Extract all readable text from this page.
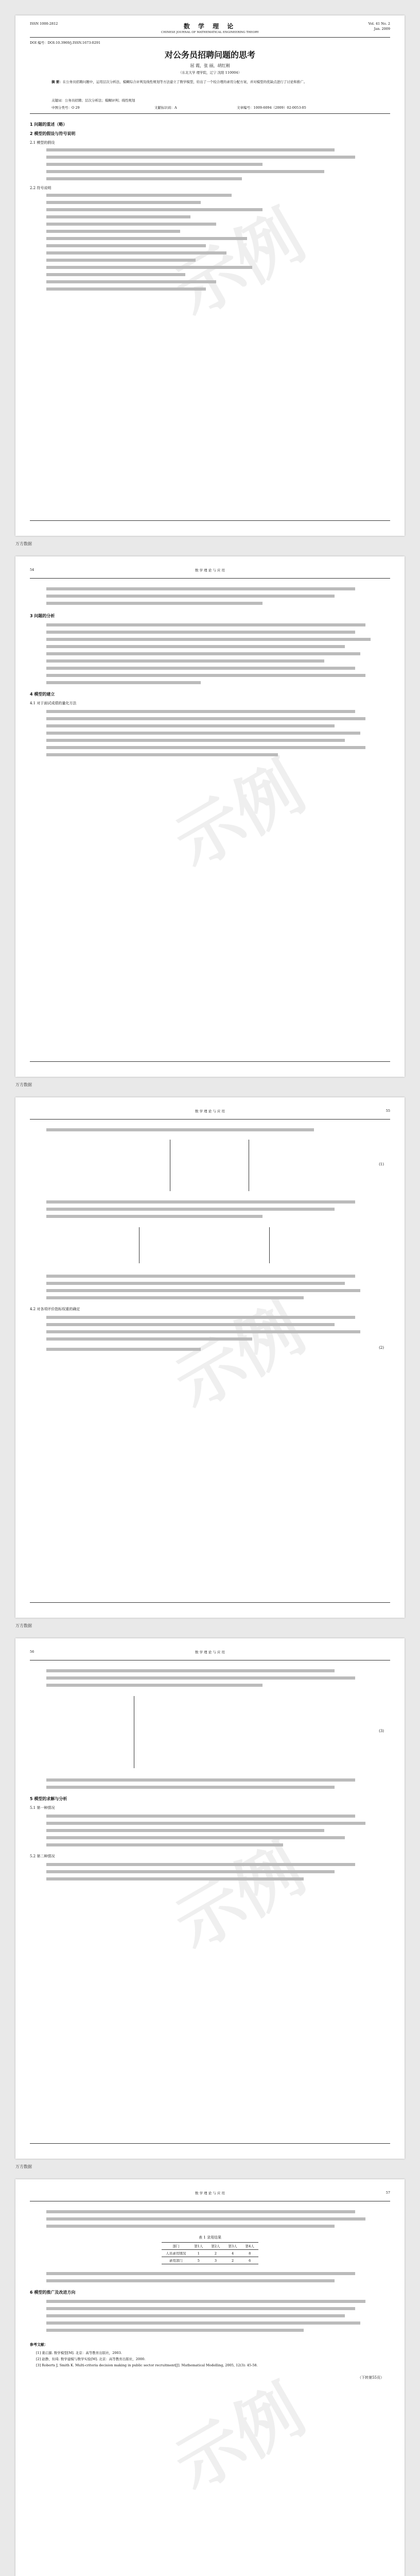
示例
ISSN 1000-2812	数 学 理 论	Vol. 41 No. 2
Jan. 2009
CHINESE JOURNAL OF MATHEMATICAL ENGINEERING THEORY
DOI 编号：DOI:10.3969/j.ISSN.1673-0291
对公务员招聘问题的思考
屈 霞，张 丽，胡红刚
（东北大学 理学院，辽宁 沈阳 110004）
摘 要：在公务员招聘问题中，运用层次分析法、模糊综合评判及线性规划等方法建立了数学模型，给出了一个较合理的录用分配方案，并对模型的优缺点进行了讨论和推广。
关键词：公务员招聘；层次分析法；模糊评判；线性规划
中图分类号：O 29	文献标识码：A	文章编号：1009-6094（2009）02-0053-05
1 问题的重述（略）
2 模型的假设与符号说明
2.1 模型的假设
2.2 符号说明
万方数据
示例
54	数 学 理 论 与 应 用
3 问题的分析
4 模型的建立
4.1 对于面试成绩的量化方法
万方数据
示例
55
数 学 理 论 与 应 用
(1)
4.2 对各项评价指标权重的确定
(2)
万方数据
示例
56	数 学 理 论 与 应 用
(3)
5 模型的求解与分析
5.1 第一种情况
5.2 第二种情况
万方数据
示例
57
数 学 理 论 与 应 用
表 1 录用结果
部门	第1人	第2人	第3人	第4人
人员录用情况	1	2	4	8
录用部门	5	3	2	6
6 模型的推广及改进方向
参考文献：
[1] 姜启源. 数学模型[M]. 北京：高等教育出版社，2003.
[2] 赵静，但琦. 数学建模与数学实验[M]. 北京：高等教育出版社，2000.
[3] Roberts J, Smith K. Multi-criteria decision making in public sector recruitment[J]. Mathematical Modelling, 2005, 12(3): 45-58.
（下转第55页）
